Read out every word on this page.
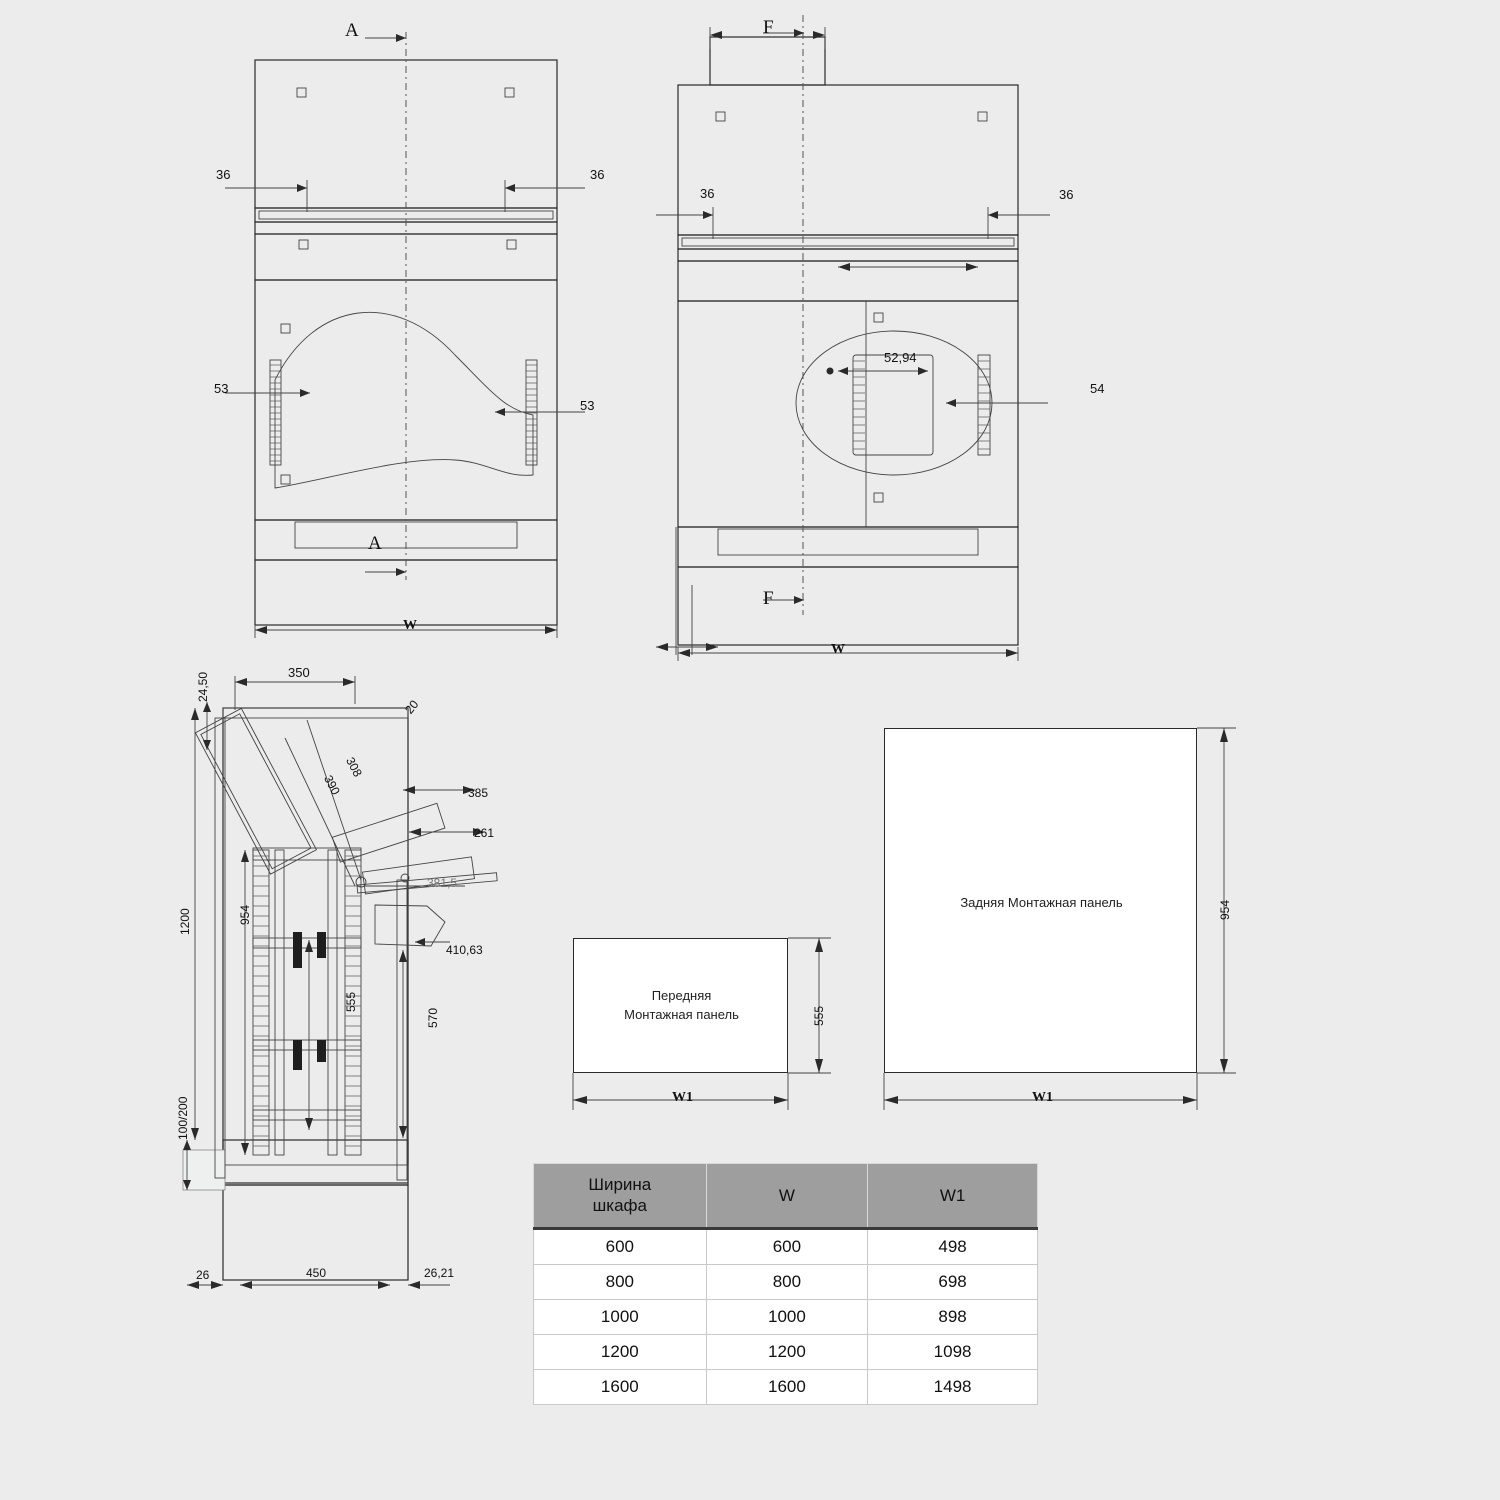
A
A
36	36
53
53
W
F
F
36	36
52,94
54
W
350
24,50
20
308
390	385
261
381,5
1200	954
555
570
410,63
100/200
26	450	26,21
Передняя
Монтажная панель	555
W1
Задняя Монтажная панель	954
W1
Ширина
шкафа	W	W1
600	600	498
800	800	698
1000	1000	898
1200	1200	1098
1600	1600	1498
